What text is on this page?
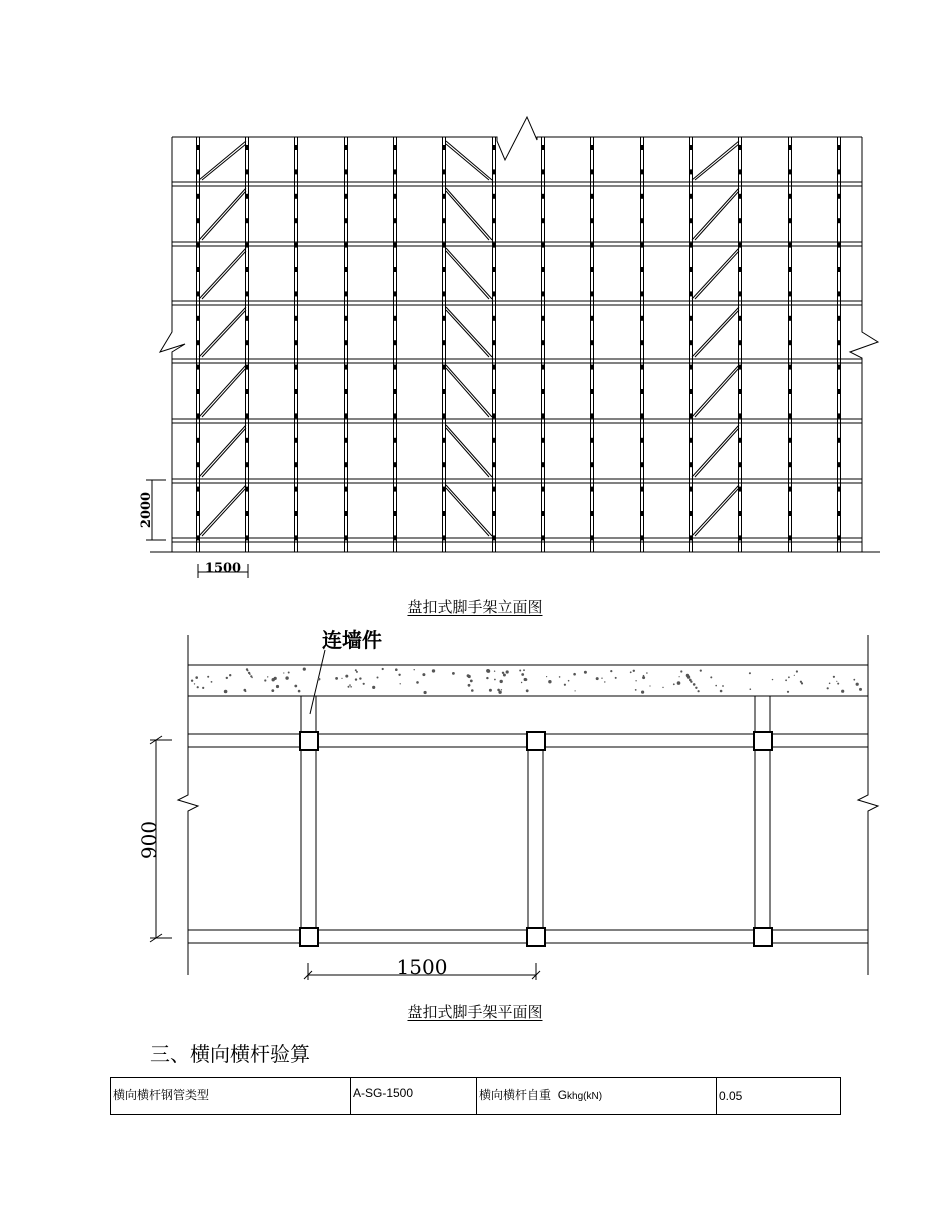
2000
1500
盘扣式脚手架立面图
连墙件
900
1500
盘扣式脚手架平面图
三、横向横杆验算
横向横杆钢管类型	A-SG-1500	横向横杆自重 Gkhg(kN)	0.05
